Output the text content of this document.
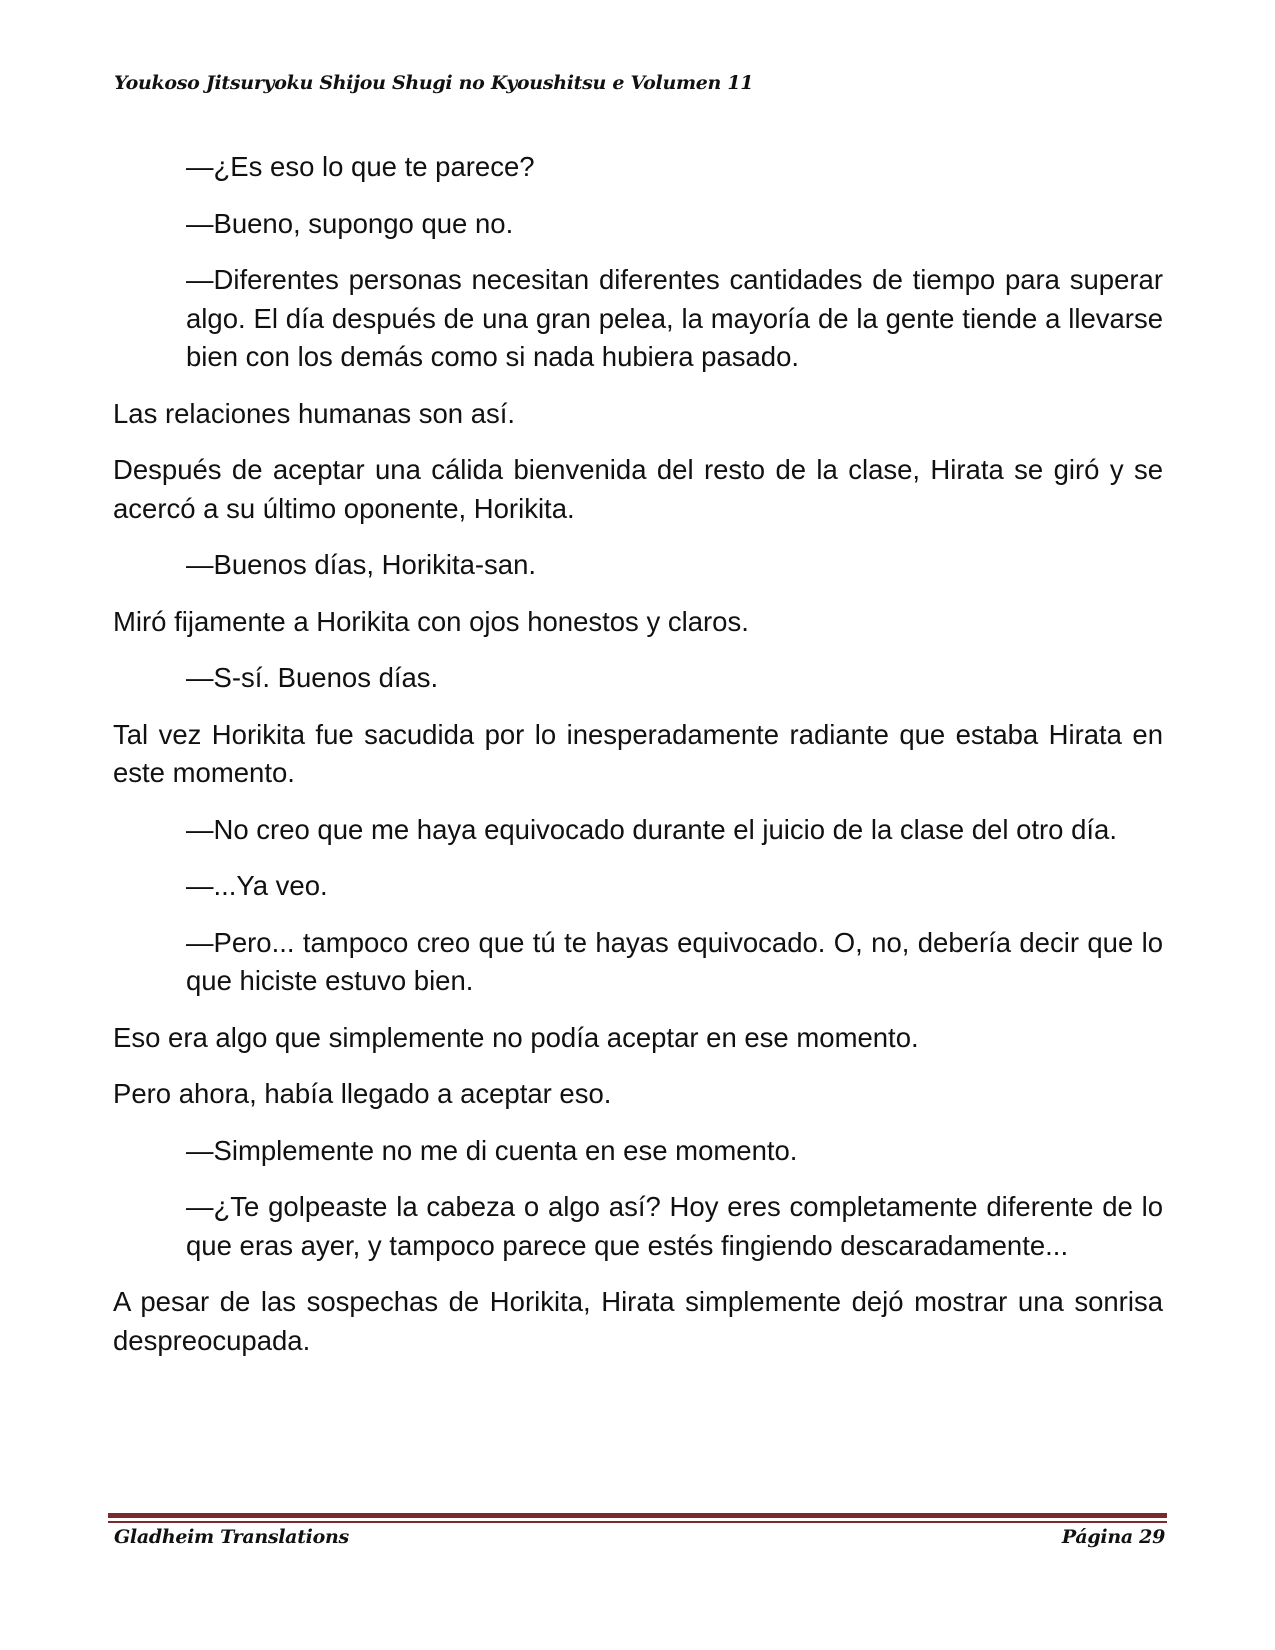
Youkoso Jitsuryoku Shijou Shugi no Kyoushitsu e Volumen 11

—¿Es eso lo que te parece?

—Bueno, supongo que no.

—Diferentes personas necesitan diferentes cantidades de tiempo para superar algo. El día después de una gran pelea, la mayoría de la gente tiende a llevarse bien con los demás como si nada hubiera pasado.

Las relaciones humanas son así.

Después de aceptar una cálida bienvenida del resto de la clase, Hirata se giró y se acercó a su último oponente, Horikita.

—Buenos días, Horikita-san.

Miró fijamente a Horikita con ojos honestos y claros.

—S-sí. Buenos días.

Tal vez Horikita fue sacudida por lo inesperadamente radiante que estaba Hirata en este momento.

—No creo que me haya equivocado durante el juicio de la clase del otro día.

—...Ya veo.

—Pero... tampoco creo que tú te hayas equivocado. O, no, debería decir que lo que hiciste estuvo bien.

Eso era algo que simplemente no podía aceptar en ese momento.

Pero ahora, había llegado a aceptar eso.

—Simplemente no me di cuenta en ese momento.

—¿Te golpeaste la cabeza o algo así? Hoy eres completamente diferente de lo que eras ayer, y tampoco parece que estés fingiendo descaradamente...

A pesar de las sospechas de Horikita, Hirata simplemente dejó mostrar una sonrisa despreocupada.

Gladheim Translations	Página 29
